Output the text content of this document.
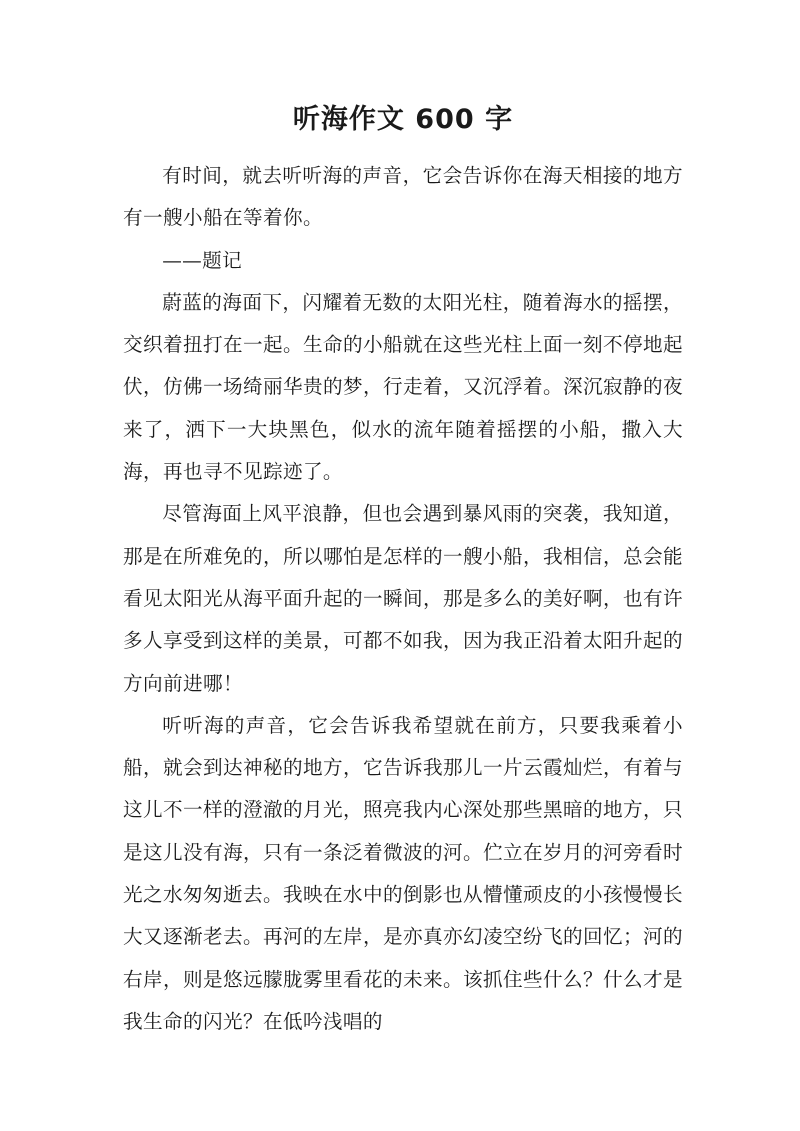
听海作文 600 字

有时间，就去听听海的声音，它会告诉你在海天相接的地方有一艘小船在等着你。

——题记

蔚蓝的海面下，闪耀着无数的太阳光柱，随着海水的摇摆，交织着扭打在一起。生命的小船就在这些光柱上面一刻不停地起伏，仿佛一场绮丽华贵的梦，行走着，又沉浮着。深沉寂静的夜来了，洒下一大块黑色，似水的流年随着摇摆的小船，撒入大海，再也寻不见踪迹了。

尽管海面上风平浪静，但也会遇到暴风雨的突袭，我知道，那是在所难免的，所以哪怕是怎样的一艘小船，我相信，总会能看见太阳光从海平面升起的一瞬间，那是多么的美好啊，也有许多人享受到这样的美景，可都不如我，因为我正沿着太阳升起的方向前进哪！

听听海的声音，它会告诉我希望就在前方，只要我乘着小船，就会到达神秘的地方，它告诉我那儿一片云霞灿烂，有着与这儿不一样的澄澈的月光，照亮我内心深处那些黑暗的地方，只是这儿没有海，只有一条泛着微波的河。伫立在岁月的河旁看时光之水匆匆逝去。我映在水中的倒影也从懵懂顽皮的小孩慢慢长大又逐渐老去。再河的左岸，是亦真亦幻凌空纷飞的回忆；河的右岸，则是悠远朦胧雾里看花的未来。该抓住些什么？什么才是我生命的闪光？在低吟浅唱的
